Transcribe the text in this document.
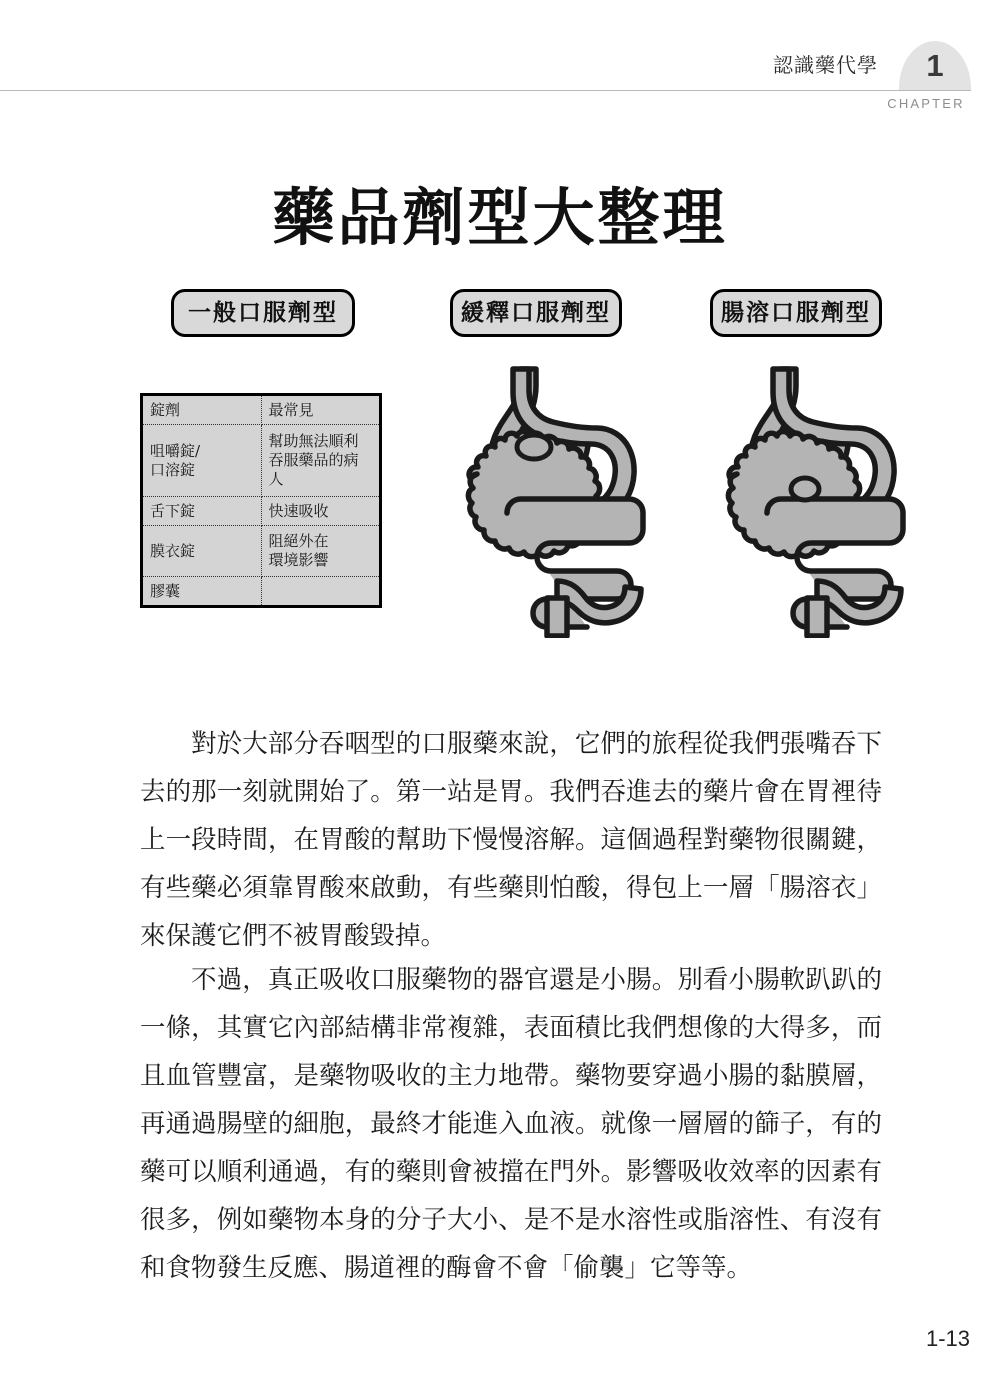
認識藥代學	1
CHAPTER
藥品劑型大整理
一般口服劑型	緩釋口服劑型	腸溶口服劑型
錠劑	最常見

咀嚼錠/
口溶錠	幫助無法順利
吞服藥品的病人

舌下錠	快速吸收

膜衣錠	阻絕外在
環境影響

膠囊	

對於大部分吞咽型的口服藥來說，它們的旅程從我們張嘴吞下去的那一刻就開始了。第一站是胃。我們吞進去的藥片會在胃裡待上一段時間，在胃酸的幫助下慢慢溶解。這個過程對藥物很關鍵，有些藥必須靠胃酸來啟動，有些藥則怕酸，得包上一層「腸溶衣」來保護它們不被胃酸毀掉。

不過，真正吸收口服藥物的器官還是小腸。別看小腸軟趴趴的一條，其實它內部結構非常複雜，表面積比我們想像的大得多，而且血管豐富，是藥物吸收的主力地帶。藥物要穿過小腸的黏膜層，再通過腸壁的細胞，最終才能進入血液。就像一層層的篩子，有的藥可以順利通過，有的藥則會被擋在門外。影響吸收效率的因素有很多，例如藥物本身的分子大小、是不是水溶性或脂溶性、有沒有和食物發生反應、腸道裡的酶會不會「偷襲」它等等。

1-13
